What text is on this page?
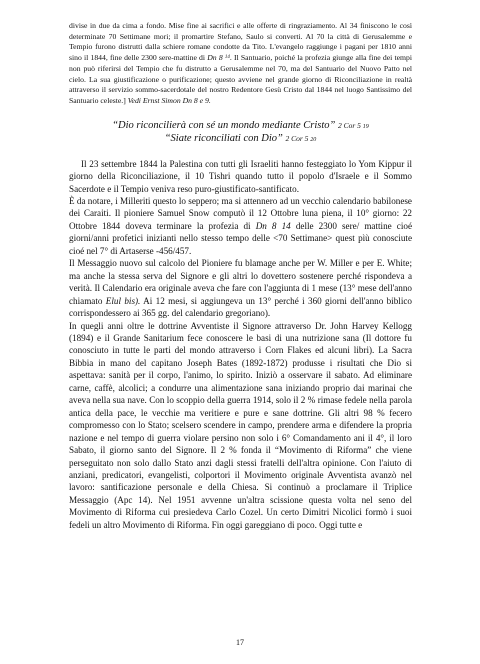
divise in due da cima a fondo. Mise fine ai sacrifici e alle offerte di ringraziamento. Al 34 finiscono le così determinate 70 Settimane mori; il promartire Stefano, Saulo si converti. Al 70 la città di Gerusalemme e Tempio furono distrutti dalla schiere romane condotte da Tito. L'evangelo raggiunge i pagani per 1810 anni sino il 1844, fine delle 2300 sere-mattine di Dn 8 $^{14}$. Il Santuario, poiché la profezia giunge alla fine dei tempi non può riferirsi del Tempio che fu distrutto a Gerusalemme nel 70, ma del Santuario del Nuovo Patto nel cielo. La sua giustificazione o purificazione; questo avviene nel grande giorno di Riconciliazione in realtà attraverso il servizio sommo-sacerdotale del nostro Redentore Gesù Cristo dal 1844 nel luogo Santissimo del Santuario celeste.] Vedi Ernst Simon Dn 8 e 9.

“Dio riconcilierà con sé un mondo mediante Cristo” 2 Cor 5 19
“Siate riconciliati con Dio” 2 Cor 5 20
Il 23 settembre 1844 la Palestina con tutti gli Israeliti hanno festeggiato lo Yom Kippur il giorno della Riconciliazione, il 10 Tishri quando tutto il popolo d'Israele e il Sommo Sacerdote e il Tempio veniva reso puro-giustificato-santificato.
È da notare, i Milleriti questo lo seppero; ma si attennero ad un vecchio calendario babilonese dei Caraiti. Il pioniere Samuel Snow computò il 12 Ottobre luna piena, il 10° giorno: 22 Ottobre 1844 doveva terminare la profezia di Dn 8 14 delle 2300 sere/ mattine cioé giorni/anni profetici inizianti nello stesso tempo delle <70 Settimane> quest pìù conosciute cioé nel 7° di Artaserse -456/457.
Il Messaggio nuovo sul calcolo del Pioniere fu blamage anche per W. Miller e per E. White; ma anche la stessa serva del Signore e gli altri lo dovettero sostenere perché rispondeva a verità. Il Calendario era originale aveva che fare con l'aggiunta di 1 mese (13° mese dell'anno chiamato Elul bis). Ai 12 mesi, si aggiungeva un 13° perché i 360 giorni dell'anno biblico corrispondessero ai 365 gg. del calendario gregoriano).
In quegli anni oltre le dottrine Avventiste il Signore attraverso Dr. John Harvey Kellogg (1894) e il Grande Sanitarium fece conoscere le basi di una nutrizione sana (Il dottore fu conosciuto in tutte le parti del mondo attraverso i Corn Flakes ed alcuni libri). La Sacra Bibbia in mano del capitano Joseph Bates (1892-1872) produsse i risultati che Dio si aspettava: sanità per il corpo, l'animo, lo spirito. Iniziò a osservare il sabato. Ad eliminare carne, caffè, alcolici; a condurre una alimentazione sana iniziando proprio dai marinai che aveva nella sua nave. Con lo scoppio della guerra 1914, solo il 2 % rimase fedele nella parola antica della pace, le vecchie ma veritiere e pure e sane dottrine. Gli altri 98 % fecero compromesso con lo Stato; scelsero scendere in campo, prendere arma e difendere la propria nazione e nel tempo di guerra violare persino non solo i 6° Comandamento ani il 4°, il loro Sabato, il giorno santo del Signore. Il 2 % fonda il “Movimento di Riforma” che viene perseguitato non solo dallo Stato anzi dagli stessi fratelli dell'altra opinione. Con l'aiuto di anziani, predicatori, evangelisti, colportori il Movimento originale Avventista avanzò nel lavoro: santificazione personale e della Chiesa. Si continuò a proclamare il Triplice Messaggio (Apc 14). Nel 1951 avvenne un'altra scissione questa volta nel seno del Movimento di Riforma cui presiedeva Carlo Cozel. Un certo Dimitri Nicolici formò i suoi fedeli un altro Movimento di Riforma. Fin oggi gareggiano di poco. Oggi tutte e
17
